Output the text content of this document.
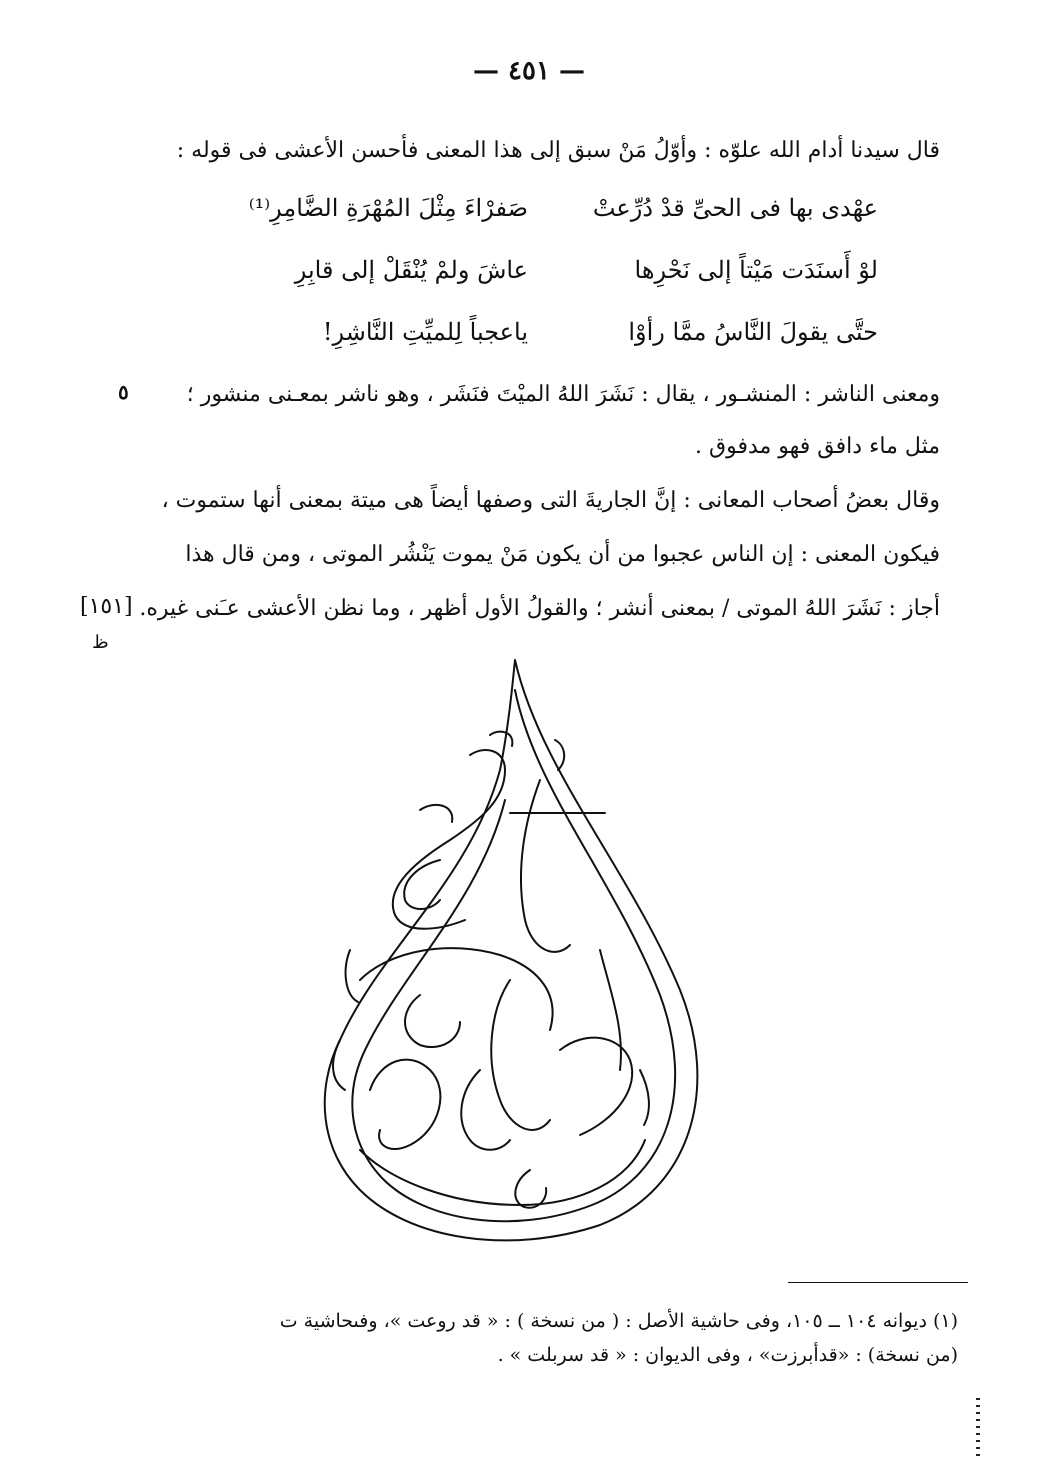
— ٤٥١ —
قال سيدنا أدام الله علوّه : وأوّلُ مَنْ سبق إلى هذا المعنى فأحسن الأعشى فى قوله :
عهْدى بها فى الحىِّ قدْ دُرِّعتْ
صَفرْاءَ مِثْلَ المُهْرَةِ الضَّامِرِ⁽¹⁾
لوْ أَسنَدَت مَيْتاً إلى نَحْرِها
عاشَ ولمْ يُنْقَلْ إلى قابِرِ
حتَّى يقولَ النَّاسُ ممَّا رأوْا
ياعجباً لِلميِّتِ النَّاشِرِ!
ومعنى الناشر : المنشـور ، يقال : نَشَرَ اللهُ الميْتَ فنَشَر ، وهو ناشر بمعـنى منشور ؛
٥
مثل ماء دافق فهو مدفوق .
وقال بعضُ أصحاب المعانى : إنَّ الجاريةَ التى وصفها أيضاً هى ميتة بمعنى أنها ستموت ،
فيكون المعنى : إن الناس عجبوا من أن يكون مَنْ يموت يَنْشُر الموتى ، ومن قال هذا
أجاز : نَشَرَ اللهُ الموتى / بمعنى أنشر ؛ والقولُ الأول أظهر ، وما نظن الأعشى عـَنى غيره.
[١٥١]
ظ
(١) ديوانه ١٠٤ ــ ١٠٥، وفى حاشية الأصل : ( من نسخة ) : « قد روعت »، وفىحاشية ت
(من نسخة) : «قدأبرزت» ، وفى الديوان : « قد سربلت » .
